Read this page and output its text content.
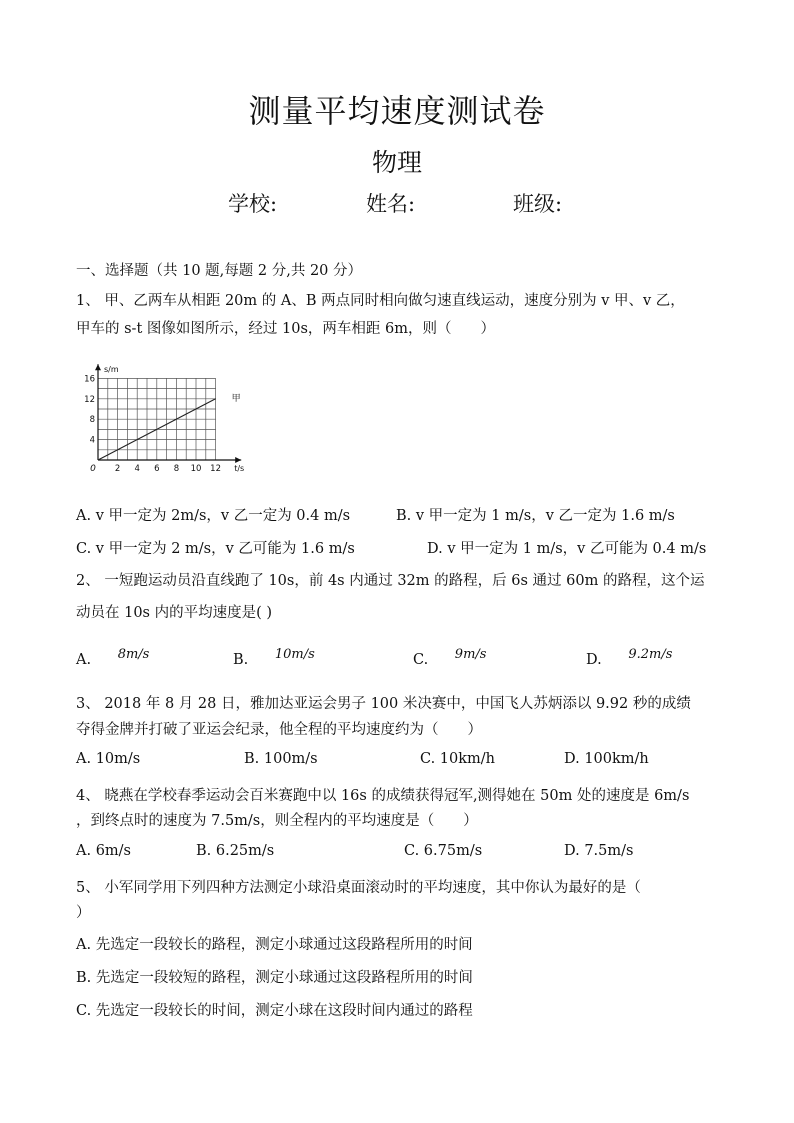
测量平均速度测试卷
物理
学校:	姓名:	班级:
一、选择题（共 10 题,每题 2 分,共 20 分）
1、 甲、乙两车从相距 20m 的 A、B 两点同时相向做匀速直线运动，速度分别为 v 甲、v 乙，
甲车的 s-t 图像如图所示，经过 10s，两车相距 6m，则（　　）
2 4 6 8 10 12
4
8
12
16
0
s/m
t/s
甲
A. v 甲一定为 2m/s，v 乙一定为 0.4 m/s	B. v 甲一定为 1 m/s，v 乙一定为 1.6 m/s
C. v 甲一定为 2 m/s，v 乙可能为 1.6 m/s	D. v 甲一定为 1 m/s，v 乙可能为 0.4 m/s
2、 一短跑运动员沿直线跑了 10s，前 4s 内通过 32m 的路程，后 6s 通过 60m 的路程，这个运
动员在 10s 内的平均速度是( )
A. 8m/s	B. 10m/s	C. 9m/s	D. 9.2m/s
3、 2018 年 8 月 28 日，雅加达亚运会男子 100 米决赛中，中国飞人苏炳添以 9.92 秒的成绩
夺得金牌并打破了亚运会纪录，他全程的平均速度约为（　　）
A. 10m/s	B. 100m/s	C. 10km/h	D. 100km/h
4、 晓燕在学校春季运动会百米赛跑中以 16s 的成绩获得冠军,测得她在 50m 处的速度是 6m/s
，到终点时的速度为 7.5m/s，则全程内的平均速度是（　　）
A. 6m/s	B. 6.25m/s	C. 6.75m/s	D. 7.5m/s
5、 小军同学用下列四种方法测定小球沿桌面滚动时的平均速度，其中你认为最好的是（
）
A. 先选定一段较长的路程，测定小球通过这段路程所用的时间
B. 先选定一段较短的路程，测定小球通过这段路程所用的时间
C. 先选定一段较长的时间，测定小球在这段时间内通过的路程
